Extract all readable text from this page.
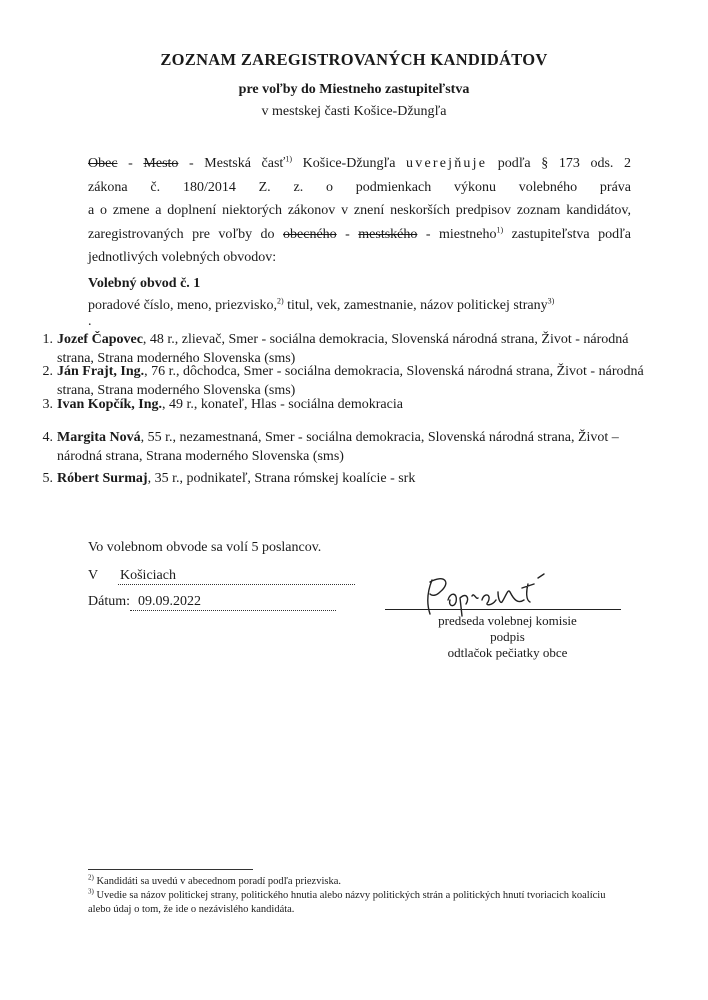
ZOZNAM ZAREGISTROVANÝCH KANDIDÁTOV
pre voľby do Miestneho zastupiteľstva
v mestskej časti Košice-Džungľa
Obec - Mesto - Mestská časť$^{1)}$ Košice-Džungľa uverejňuje podľa § 173 ods. 2
zákona č. 180/2014 Z. z. o podmienkach výkonu volebného práva
a o zmene a doplnení niektorých zákonov v znení neskorších predpisov zoznam kandidátov,
zaregistrovaných pre voľby do obecného - mestského - miestneho$^{1)}$ zastupiteľstva podľa
jednotlivých volebných obvodov:
Volebný obvod č. 1
poradové číslo, meno, priezvisko,$^{2)}$ titul, vek, zamestnanie, názov politickej strany$^{3)}$
.
1. Jozef Čapovec, 48 r., zlievač, Smer - sociálna demokracia, Slovenská národná strana, Život - národná
strana, Strana moderného Slovenska (sms)
2. Ján Frajt, Ing., 76 r., dôchodca, Smer - sociálna demokracia, Slovenská národná strana, Život - národná
strana, Strana moderného Slovenska (sms)
3. Ivan Kopčík, Ing., 49 r., konateľ, Hlas - sociálna demokracia
4. Margita Nová, 55 r., nezamestnaná, Smer - sociálna demokracia, Slovenská národná strana, Život –
národná strana, Strana moderného Slovenska (sms)
5. Róbert Surmaj, 35 r., podnikateľ, Strana rómskej koalície - srk
Vo volebnom obvode sa volí 5 poslancov.
V Košiciach
Dátum: 09.09.2022
predseda volebnej komisie
podpis
odtlačok pečiatky obce
$^{2)}$ Kandidáti sa uvedú v abecednom poradí podľa priezviska.
$^{3)}$ Uvedie sa názov politickej strany, politického hnutia alebo názvy politických strán a politických hnutí tvoriacich koalíciu
alebo údaj o tom, že ide o nezávislého kandidáta.
